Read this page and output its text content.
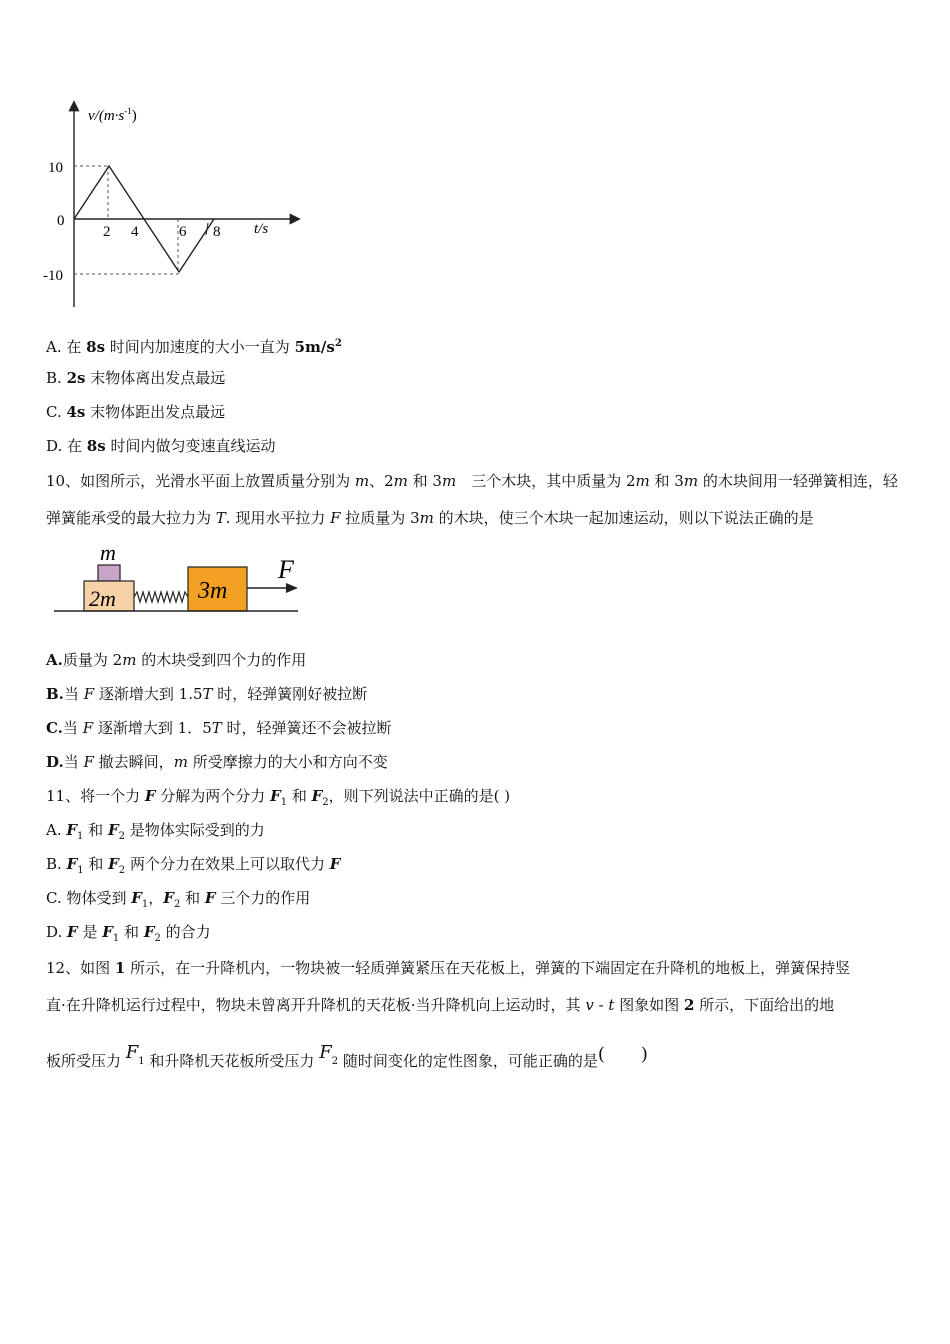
$v/(m\cdot s^{-1})$
10
0
-10
2 4	6 8 t/s
A. 在 8s 时间内加速度的大小一直为 $5m/s^2$
B. 2s 末物体离出发点最远
C. 4s 末物体距出发点最远
D. 在 8s 时间内做匀变速直线运动
10、如图所示，光滑水平面上放置质量分别为 m、2m 和 3m　三个木块，其中质量为 2m 和 3m 的木块间用一轻弹簧相连，轻
弹簧能承受的最大拉力为 T. 现用水平拉力 F 拉质量为 3m 的木块，使三个木块一起加速运动，则以下说法正确的是
m
2m	3m
F
A.质量为 2m 的木块受到四个力的作用
B.当 F 逐渐增大到 1.5T 时，轻弹簧刚好被拉断
C.当 F 逐渐增大到 1．5T 时，轻弹簧还不会被拉断
D.当 F 撤去瞬间，m 所受摩擦力的大小和方向不变
11、将一个力 F 分解为两个分力 $F_1$ 和 $F_2$，则下列说法中正确的是( )
A. $F_1$ 和 $F_2$ 是物体实际受到的力
B. $F_1$ 和 $F_2$ 两个分力在效果上可以取代力 F
C. 物体受到 $F_1$，$F_2$ 和 F 三个力的作用
D. F 是 $F_1$ 和 $F_2$ 的合力
12、如图 1 所示，在一升降机内，一物块被一轻质弹簧紧压在天花板上，弹簧的下端固定在升降机的地板上，弹簧保持竖
直·在升降机运行过程中，物块未曾离开升降机的天花板·当升降机向上运动时，其 v - t 图象如图 2 所示，下面给出的地
板所受压力 $F_1$ 和升降机天花板所受压力 $F_2$ 随时间变化的定性图象，可能正确的是(　　)
